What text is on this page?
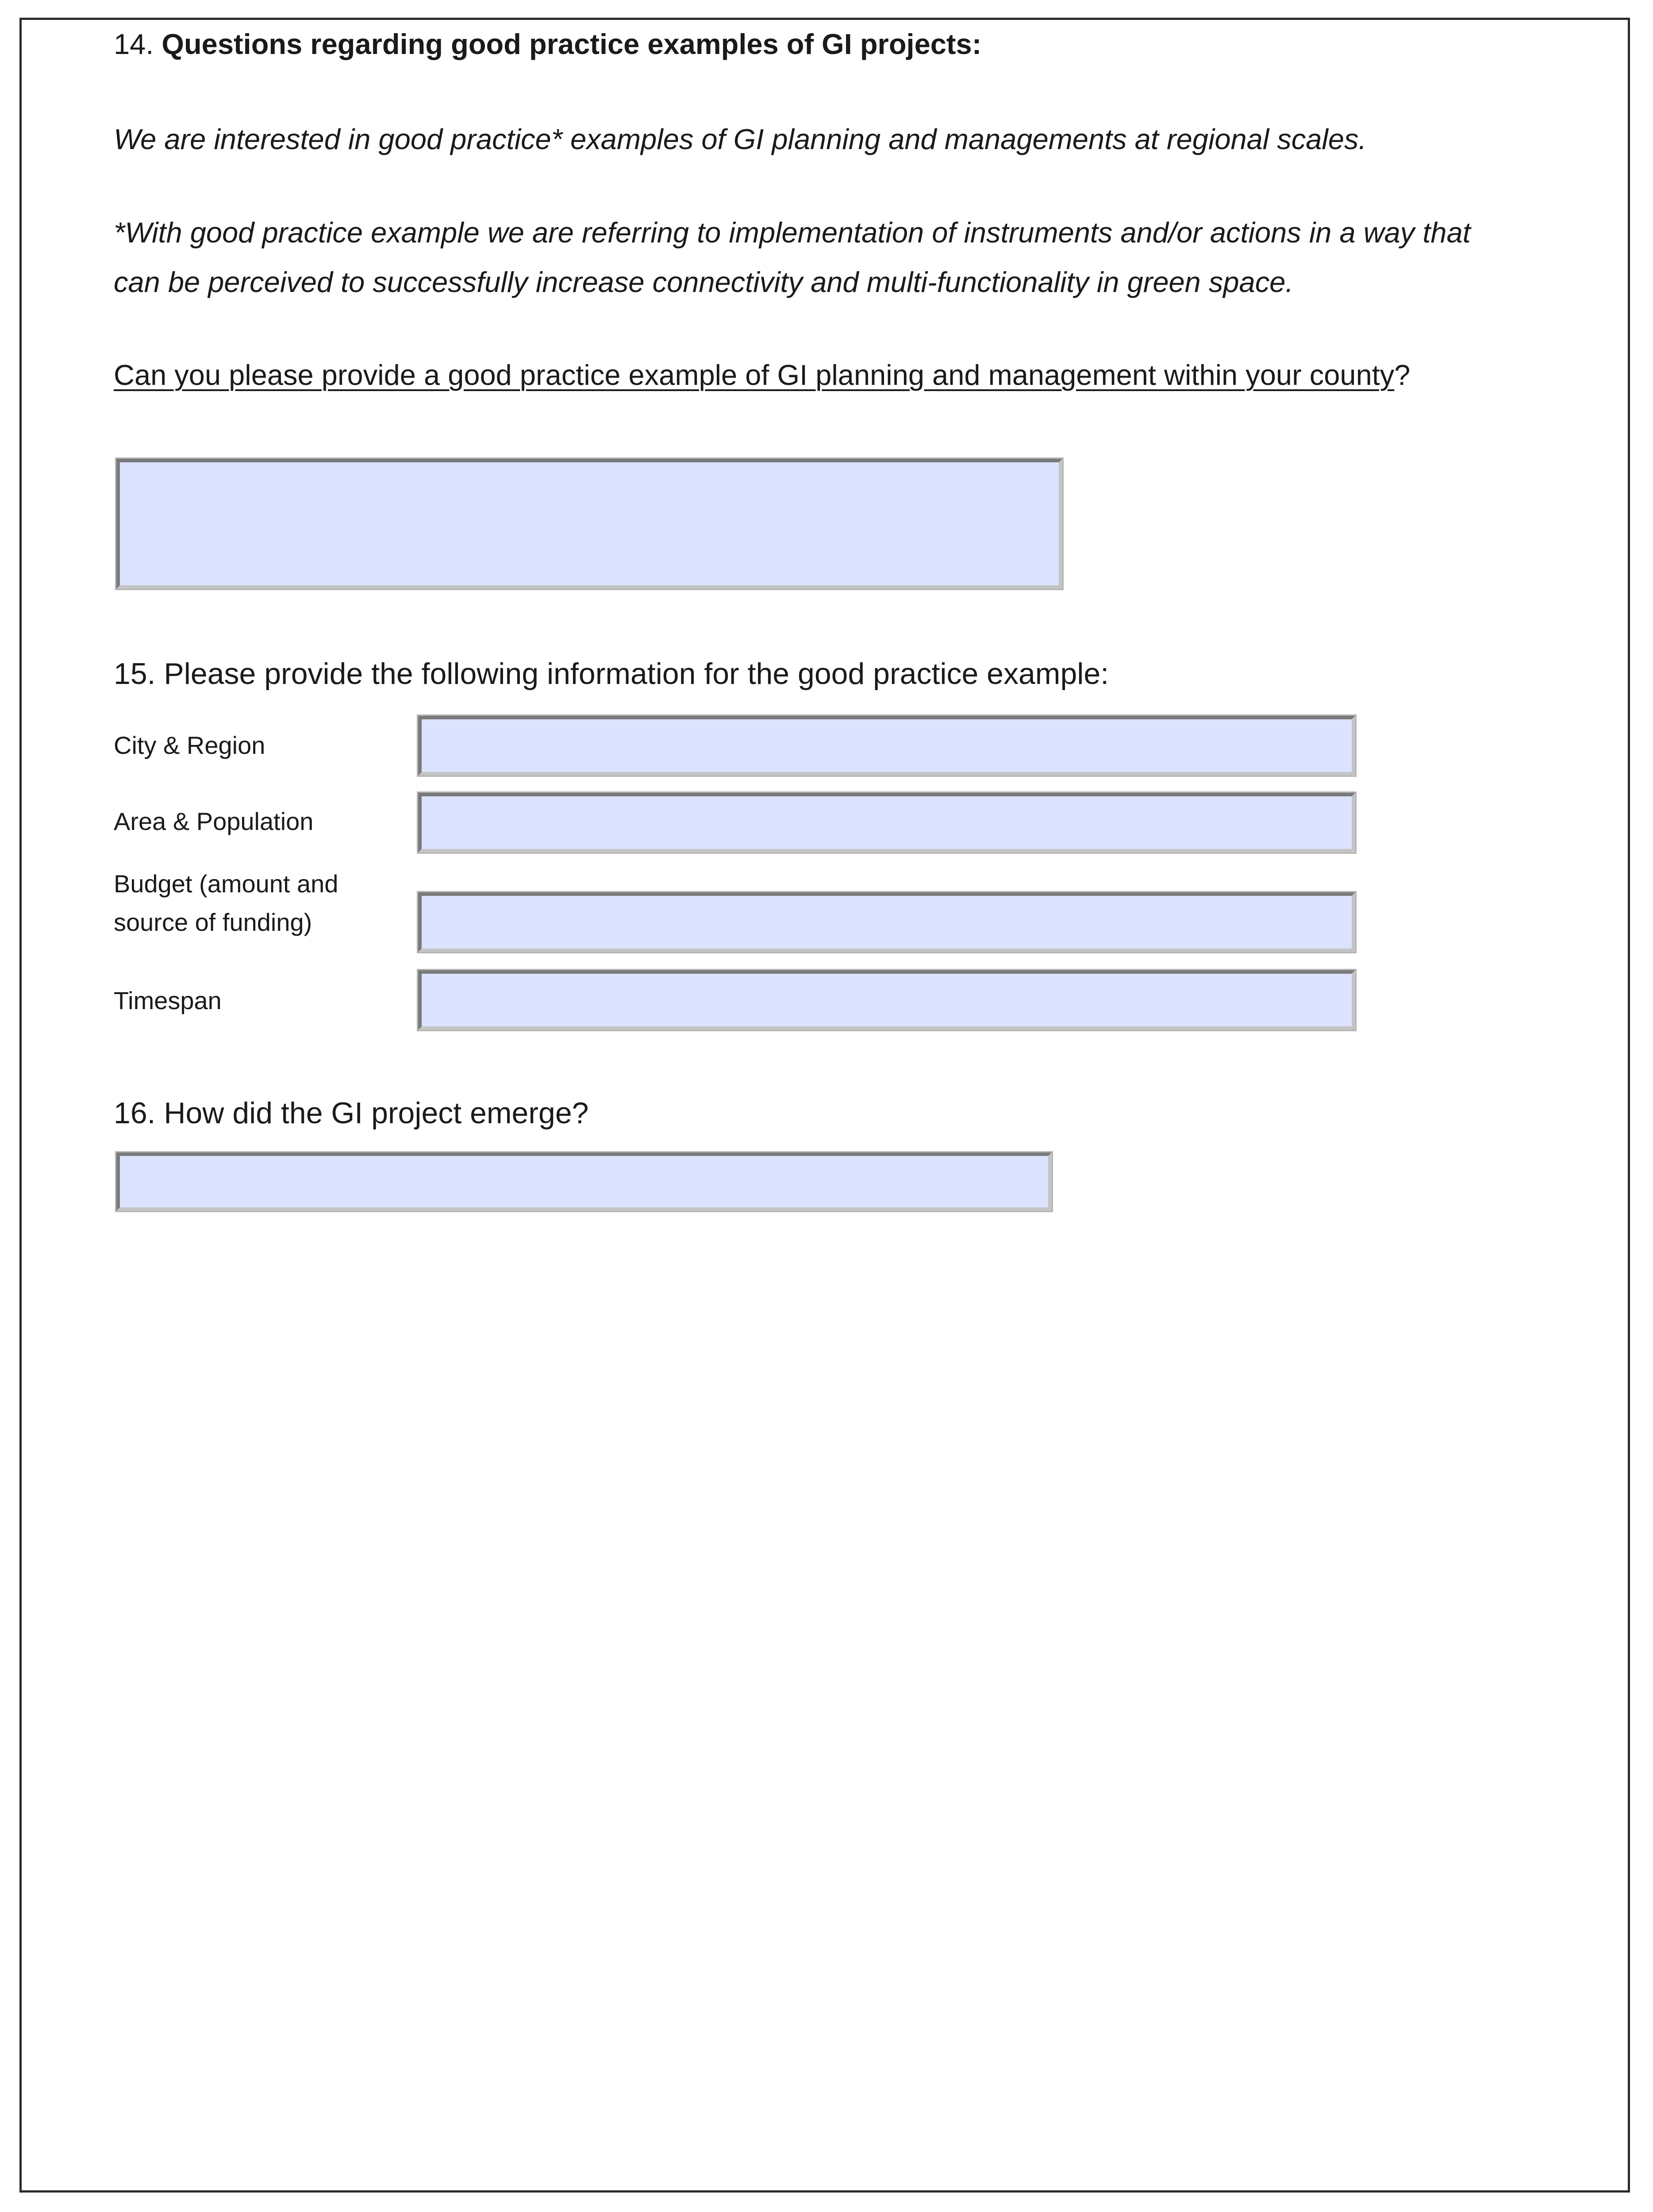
14. Questions regarding good practice examples of GI projects:
We are interested in good practice* examples of GI planning and managements at regional scales.
*With good practice example we are referring to implementation of instruments and/or actions in a way that
can be perceived to successfully increase connectivity and multi-functionality in green space.
Can you please provide a good practice example of GI planning and management within your county?
15. Please provide the following information for the good practice example:
City & Region
Area & Population
Budget (amount and
source of funding)
Timespan
16. How did the GI project emerge?
